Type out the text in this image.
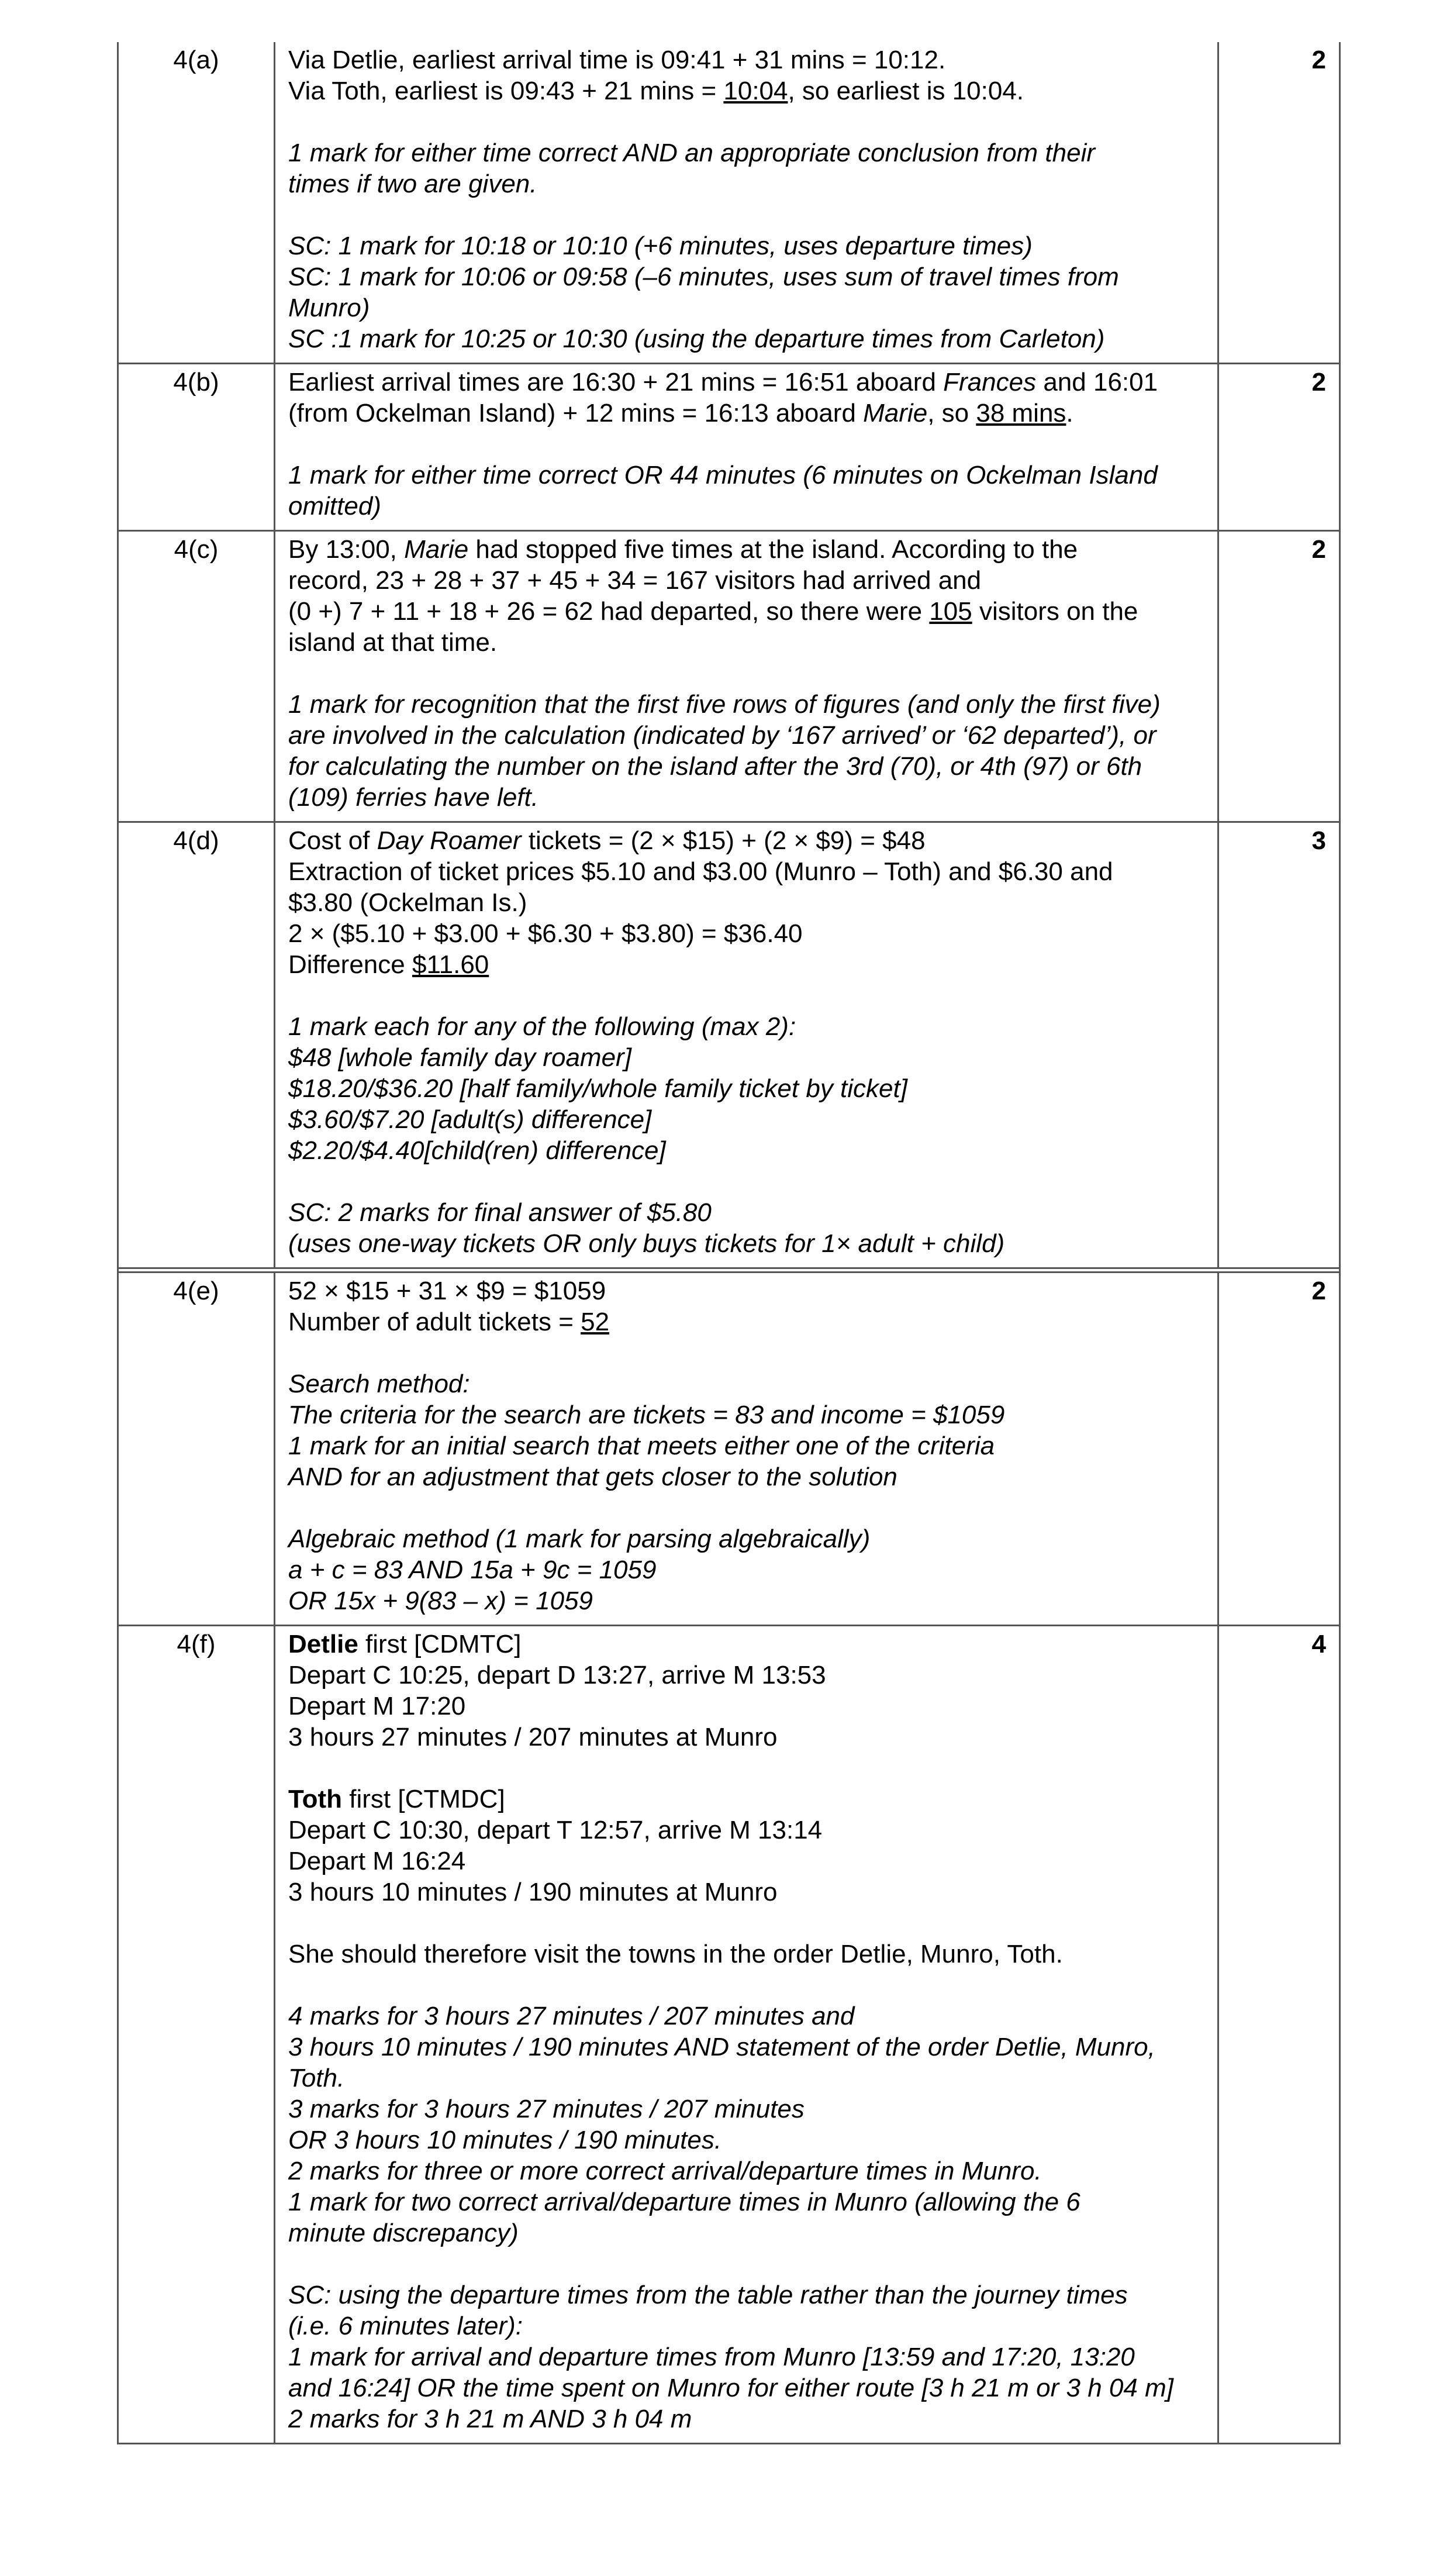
4(a)	Via Detlie, earliest arrival time is 09:41 + 31 mins = 10:12.
Via Toth, earliest is 09:43 + 21 mins = 10:04, so earliest is 10:04.
1 mark for either time correct AND an appropriate conclusion from their
times if two are given.
SC: 1 mark for 10:18 or 10:10 (+6 minutes, uses departure times)
SC: 1 mark for 10:06 or 09:58 (–6 minutes, uses sum of travel times from
Munro)
SC :1 mark for 10:25 or 10:30 (using the departure times from Carleton)
2
4(b)	Earliest arrival times are 16:30 + 21 mins = 16:51 aboard Frances and 16:01
(from Ockelman Island) + 12 mins = 16:13 aboard Marie, so 38 mins.
1 mark for either time correct OR 44 minutes (6 minutes on Ockelman Island
omitted)
2
4(c)	By 13:00, Marie had stopped five times at the island. According to the
record, 23 + 28 + 37 + 45 + 34 = 167 visitors had arrived and
(0 +) 7 + 11 + 18 + 26 = 62 had departed, so there were 105 visitors on the
island at that time.
1 mark for recognition that the first five rows of figures (and only the first five)
are involved in the calculation (indicated by ‘167 arrived’ or ‘62 departed’), or
for calculating the number on the island after the 3rd (70), or 4th (97) or 6th
(109) ferries have left.
2
4(d)	Cost of Day Roamer tickets = (2 × $15) + (2 × $9) = $48
Extraction of ticket prices $5.10 and $3.00 (Munro – Toth) and $6.30 and
$3.80 (Ockelman Is.)
2 × ($5.10 + $3.00 + $6.30 + $3.80) = $36.40
Difference $11.60
1 mark each for any of the following (max 2):
$48 [whole family day roamer]
$18.20/$36.20 [half family/whole family ticket by ticket]
$3.60/$7.20 [adult(s) difference]
$2.20/$4.40[child(ren) difference]
SC: 2 marks for final answer of $5.80
(uses one-way tickets OR only buys tickets for 1× adult + child)
3
4(e)	52 × $15 + 31 × $9 = $1059
Number of adult tickets = 52
Search method:
The criteria for the search are tickets = 83 and income = $1059
1 mark for an initial search that meets either one of the criteria
AND for an adjustment that gets closer to the solution
Algebraic method (1 mark for parsing algebraically)
a + c = 83 AND 15a + 9c = 1059
OR 15x + 9(83 – x) = 1059
2
4(f)	Detlie first [CDMTC]
Depart C 10:25, depart D 13:27, arrive M 13:53
Depart M 17:20
3 hours 27 minutes / 207 minutes at Munro
Toth first [CTMDC]
Depart C 10:30, depart T 12:57, arrive M 13:14
Depart M 16:24
3 hours 10 minutes / 190 minutes at Munro
She should therefore visit the towns in the order Detlie, Munro, Toth.
4 marks for 3 hours 27 minutes / 207 minutes and
3 hours 10 minutes / 190 minutes AND statement of the order Detlie, Munro,
Toth.
3 marks for 3 hours 27 minutes / 207 minutes
OR 3 hours 10 minutes / 190 minutes.
2 marks for three or more correct arrival/departure times in Munro.
1 mark for two correct arrival/departure times in Munro (allowing the 6
minute discrepancy)
SC: using the departure times from the table rather than the journey times
(i.e. 6 minutes later):
1 mark for arrival and departure times from Munro [13:59 and 17:20, 13:20
and 16:24] OR the time spent on Munro for either route [3 h 21 m or 3 h 04 m]
2 marks for 3 h 21 m AND 3 h 04 m
4
